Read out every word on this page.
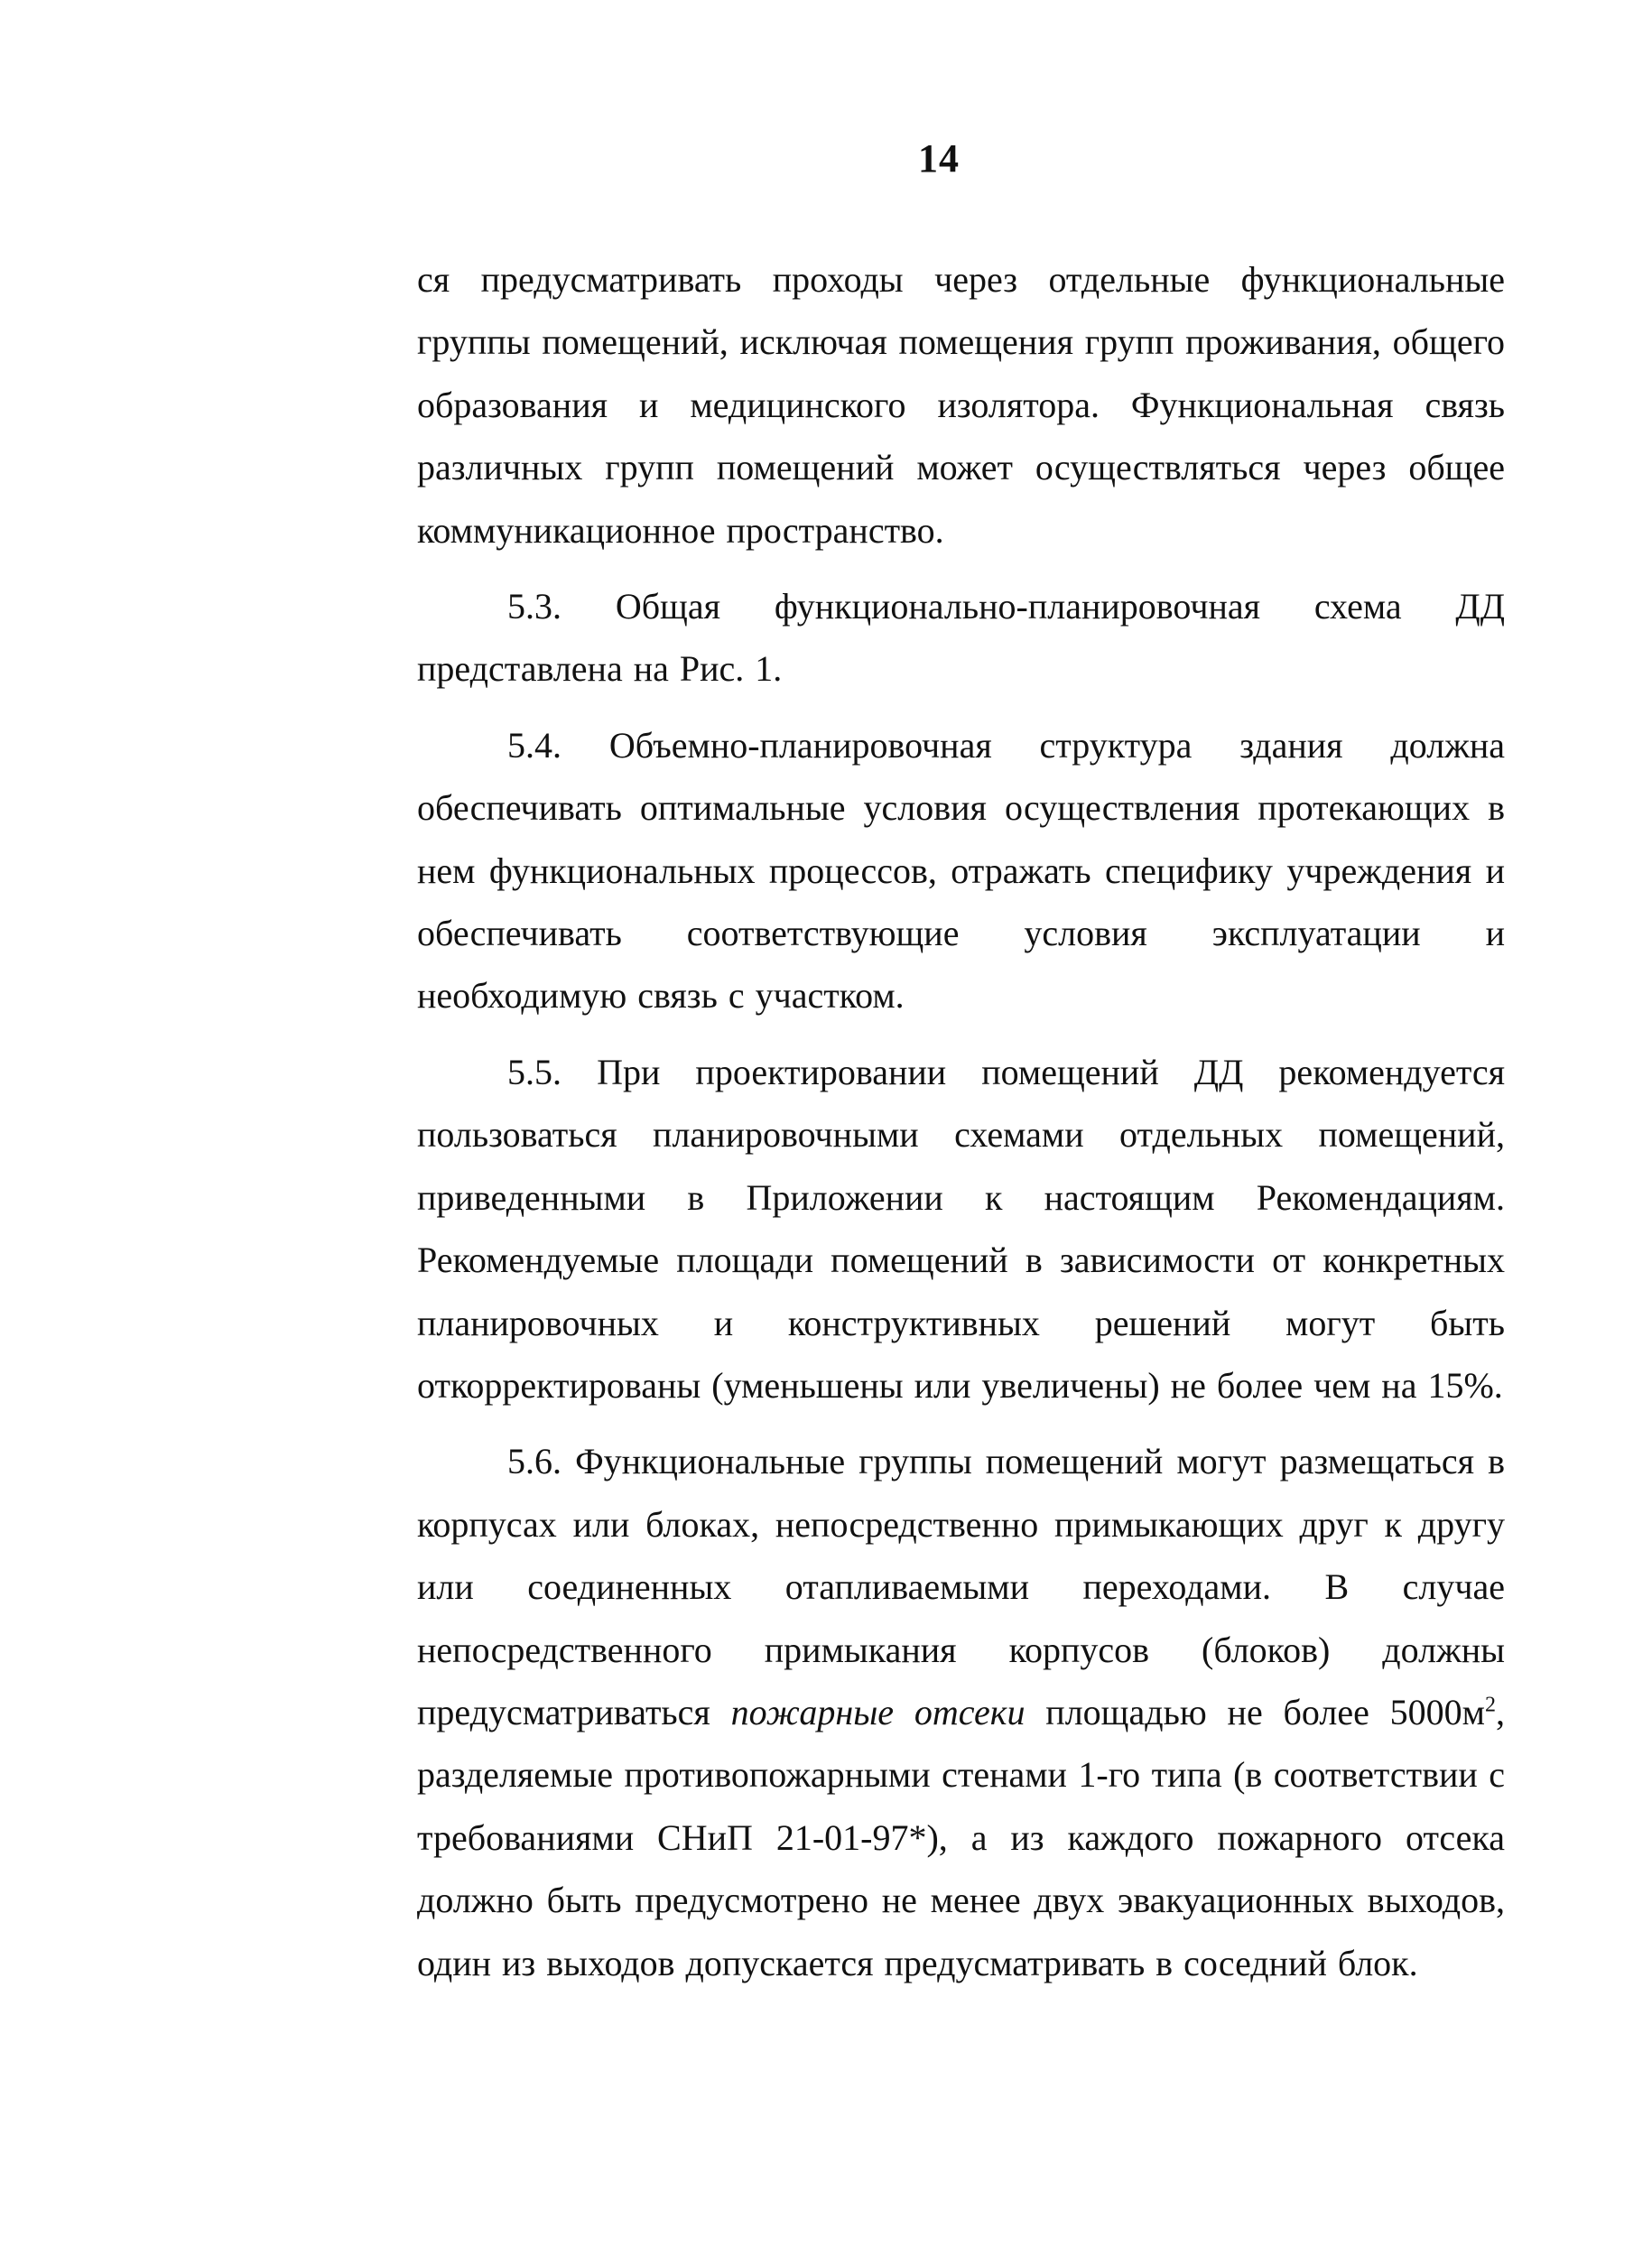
14

ся предусматривать проходы через отдельные функциональные группы помещений, исключая помещения групп проживания, общего образования и медицинского изолятора. Функциональная связь различных групп помещений может осуществляться через общее коммуникационное пространство.

5.3. Общая функционально-планировочная схема ДД представлена на Рис. 1.

5.4. Объемно-планировочная структура здания должна обеспечивать оптимальные условия осуществления протекающих в нем функциональных процессов, отражать специфику учреждения и обеспечивать соответствующие условия эксплуатации и необходимую связь с участком.

5.5. При проектировании помещений ДД рекомендуется пользоваться планировочными схемами отдельных помещений, приведенными в Приложении к настоящим Рекомендациям. Рекомендуемые площади помещений в зависимости от конкретных планировочных и конструктивных решений могут быть откорректированы (уменьшены или увеличены) не более чем на 15%.

5.6. Функциональные группы помещений могут размещаться в корпусах или блоках, непосредственно примыкающих друг к другу или соединенных отапливаемыми переходами. В случае непосредственного примыкания корпусов (блоков) должны предусматриваться пожарные отсеки площадью не более $5000м^2$, разделяемые противопожарными стенами 1-го типа (в соответствии с требованиями СНиП 21-01-97*), а из каждого пожарного отсека должно быть предусмотрено не менее двух эвакуационных выходов, один из выходов допускается предусматривать в соседний блок.
